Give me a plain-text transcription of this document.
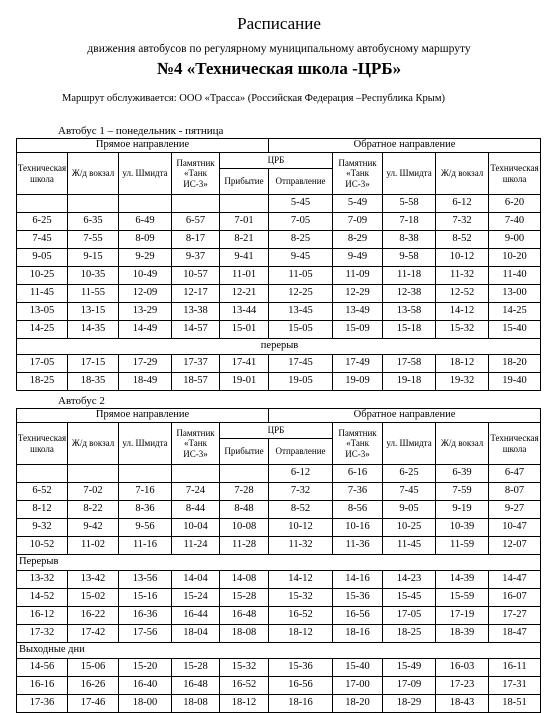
Расписание
движения автобусов по регулярному муниципальному автобусному маршруту
№4 «Техническая школа -ЦРБ»
Маршрут обслуживается: ООО «Трасса» (Российская Федерация –Республика Крым)
Автобус 1 – понедельник - пятница
Прямое направление					Обратное направление				
Техническая школа	Ж/д вокзал	ул. Шмидта	Памятник «Танк ИС-3»	ЦРБ		Памятник «Танк ИС-3»	ул. Шмидта	Ж/д вокзал	Техническая школа
				Прибытие	Отправление				
					5-45	5-49	5-58	6-12	6-20
6-25	6-35	6-49	6-57	7-01	7-05	7-09	7-18	7-32	7-40
7-45	7-55	8-09	8-17	8-21	8-25	8-29	8-38	8-52	9-00
9-05	9-15	9-29	9-37	9-41	9-45	9-49	9-58	10-12	10-20
10-25	10-35	10-49	10-57	11-01	11-05	11-09	11-18	11-32	11-40
11-45	11-55	12-09	12-17	12-21	12-25	12-29	12-38	12-52	13-00
13-05	13-15	13-29	13-38	13-44	13-45	13-49	13-58	14-12	14-25
14-25	14-35	14-49	14-57	15-01	15-05	15-09	15-18	15-32	15-40
перерыв									
17-05	17-15	17-29	17-37	17-41	17-45	17-49	17-58	18-12	18-20
18-25	18-35	18-49	18-57	19-01	19-05	19-09	19-18	19-32	19-40
Автобус 2
Прямое направление					Обратное направление				
Техническая школа	Ж/д вокзал	ул. Шмидта	Памятник «Танк ИС-3»	ЦРБ		Памятник «Танк ИС-3»	ул. Шмидта	Ж/д вокзал	Техническая школа
				Прибытие	Отправление				
					6-12	6-16	6-25	6-39	6-47
6-52	7-02	7-16	7-24	7-28	7-32	7-36	7-45	7-59	8-07
8-12	8-22	8-36	8-44	8-48	8-52	8-56	9-05	9-19	9-27
9-32	9-42	9-56	10-04	10-08	10-12	10-16	10-25	10-39	10-47
10-52	11-02	11-16	11-24	11-28	11-32	11-36	11-45	11-59	12-07
Перерыв									
13-32	13-42	13-56	14-04	14-08	14-12	14-16	14-23	14-39	14-47
14-52	15-02	15-16	15-24	15-28	15-32	15-36	15-45	15-59	16-07
16-12	16-22	16-36	16-44	16-48	16-52	16-56	17-05	17-19	17-27
17-32	17-42	17-56	18-04	18-08	18-12	18-16	18-25	18-39	18-47
Выходные дни									
14-56	15-06	15-20	15-28	15-32	15-36	15-40	15-49	16-03	16-11
16-16	16-26	16-40	16-48	16-52	16-56	17-00	17-09	17-23	17-31
17-36	17-46	18-00	18-08	18-12	18-16	18-20	18-29	18-43	18-51
